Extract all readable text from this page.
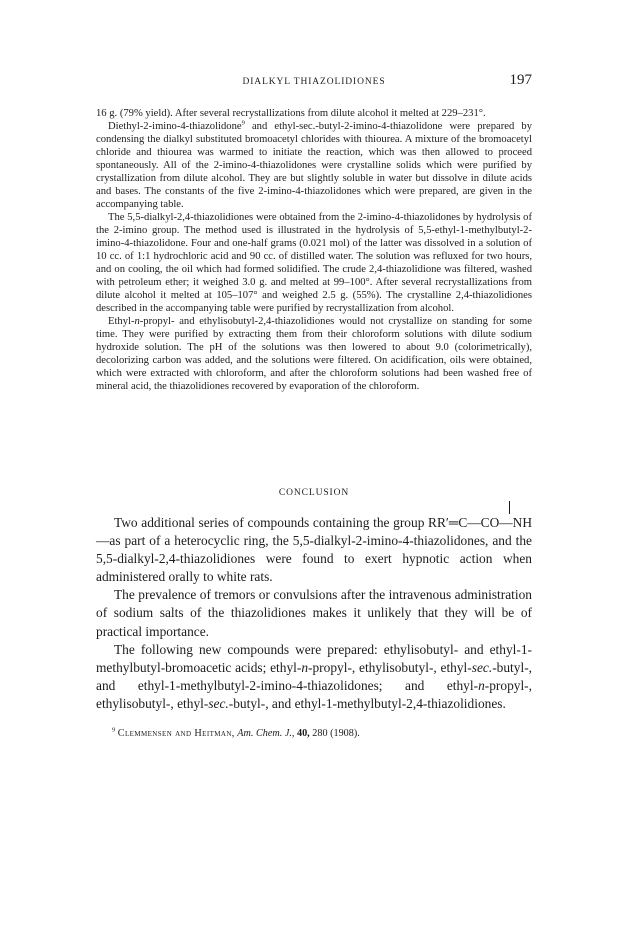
DIALKYL THIAZOLIDIONES	197

16 g. (79% yield). After several recrystallizations from dilute alcohol it melted at 229–231°.

Diethyl-2-imino-4-thiazolidone$^9$ and ethyl-sec.-butyl-2-imino-4-thiazolidone were prepared by condensing the dialkyl substituted bromoacetyl chlorides with thiourea. A mixture of the bromoacetyl chloride and thiourea was warmed to initiate the reaction, which was then allowed to proceed spontaneously. All of the 2-imino-4-thiazolidones were crystalline solids which were purified by crystallization from dilute alcohol. They are but slightly soluble in water but dissolve in dilute acids and bases. The constants of the five 2-imino-4-thiazolidones which were prepared, are given in the accompanying table.

The 5,5-dialkyl-2,4-thiazolidiones were obtained from the 2-imino-4-thiazolidones by hydrolysis of the 2-imino group. The method used is illustrated in the hydrolysis of 5,5-ethyl-1-methylbutyl-2-imino-4-thiazolidone. Four and one-half grams (0.021 mol) of the latter was dissolved in a solution of 10 cc. of 1:1 hydrochloric acid and 90 cc. of distilled water. The solution was refluxed for two hours, and on cooling, the oil which had formed solidified. The crude 2,4-thiazolidione was filtered, washed with petroleum ether; it weighed 3.0 g. and melted at 99–100°. After several recrystallizations from dilute alcohol it melted at 105–107° and weighed 2.5 g. (55%). The crystalline 2,4-thiazolidiones described in the accompanying table were purified by recrystallization from alcohol.

Ethyl-n-propyl- and ethylisobutyl-2,4-thiazolidiones would not crystallize on standing for some time. They were purified by extracting them from their chloroform solutions with dilute sodium hydroxide solution. The pH of the solutions was then lowered to about 9.0 (colorimetrically), decolorizing carbon was added, and the solutions were filtered. On acidification, oils were obtained, which were extracted with chloroform, and after the chloroform solutions had been washed free of mineral acid, the thiazolidiones recovered by evaporation of the chloroform.

CONCLUSION

Two additional series of compounds containing the group RR′═C—CO—NH—as part of a heterocyclic ring, the 5,5-dialkyl-2-imino-4-thiazolidones, and the 5,5-dialkyl-2,4-thiazolidiones were found to exert hypnotic action when administered orally to white rats.

The prevalence of tremors or convulsions after the intravenous administration of sodium salts of the thiazolidiones makes it unlikely that they will be of practical importance.

The following new compounds were prepared: ethylisobutyl- and ethyl-1-methylbutyl-bromoacetic acids; ethyl-n-propyl-, ethylisobutyl-, ethyl-sec.-butyl-, and ethyl-1-methylbutyl-2-imino-4-thiazolidones; and ethyl-n-propyl-, ethylisobutyl-, ethyl-sec.-butyl-, and ethyl-1-methylbutyl-2,4-thiazolidiones.

$^9$ Clemmensen and Heitman, Am. Chem. J., 40, 280 (1908).
